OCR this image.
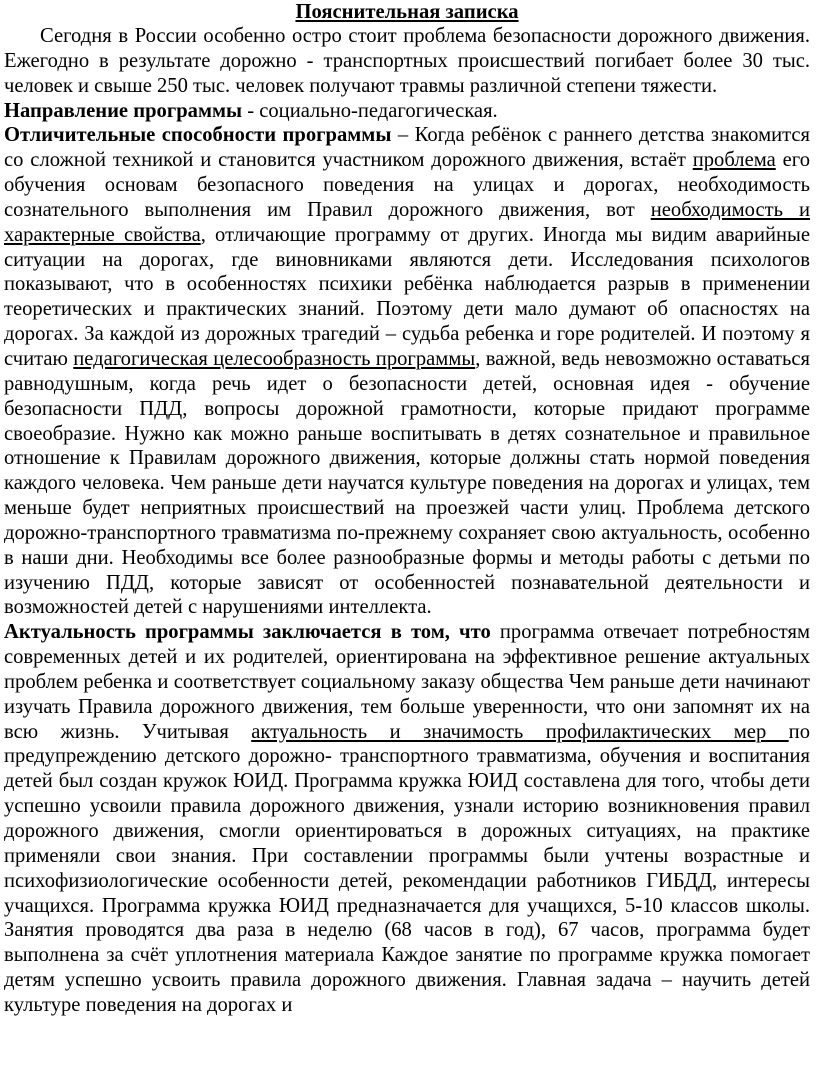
Пояснительная записка

Сегодня в России особенно остро стоит проблема безопасности дорожного движения. Ежегодно в результате дорожно - транспортных происшествий погибает более 30 тыс. человек и свыше 250 тыс. человек получают травмы различной степени тяжести.

Направление программы - социально-педагогическая.

Отличительные способности программы – Когда ребёнок с раннего детства знакомится со сложной техникой и становится участником дорожного движения, встаёт проблема его обучения основам безопасного поведения на улицах и дорогах, необходимость сознательного выполнения им Правил дорожного движения, вот необходимость и характерные свойства, отличающие программу от других. Иногда мы видим аварийные ситуации на дорогах, где виновниками являются дети. Исследования психологов показывают, что в особенностях психики ребёнка наблюдается разрыв в применении теоретических и практических знаний. Поэтому дети мало думают об опасностях на дорогах. За каждой из дорожных трагедий – судьба ребенка и горе родителей. И поэтому я считаю педагогическая целесообразность программы, важной, ведь невозможно оставаться равнодушным, когда речь идет о безопасности детей, основная идея - обучение безопасности ПДД, вопросы дорожной грамотности, которые придают программе своеобразие. Нужно как можно раньше воспитывать в детях сознательное и правильное отношение к Правилам дорожного движения, которые должны стать нормой поведения каждого человека. Чем раньше дети научатся культуре поведения на дорогах и улицах, тем меньше будет неприятных происшествий на проезжей части улиц. Проблема детского дорожно-транспортного травматизма по-прежнему сохраняет свою актуальность, особенно в наши дни. Необходимы все более разнообразные формы и методы работы с детьми по изучению ПДД, которые зависят от особенностей познавательной деятельности и возможностей детей с нарушениями интеллекта.

Актуальность программы заключается в том, что программа отвечает потребностям современных детей и их родителей, ориентирована на эффективное решение актуальных проблем ребенка и соответствует социальному заказу общества Чем раньше дети начинают изучать Правила дорожного движения, тем больше уверенности, что они запомнят их на всю жизнь. Учитывая актуальность и значимость профилактических мер по предупреждению детского дорожно- транспортного травматизма, обучения и воспитания детей был создан кружок ЮИД. Программа кружка ЮИД составлена для того, чтобы дети успешно усвоили правила дорожного движения, узнали историю возникновения правил дорожного движения, смогли ориентироваться в дорожных ситуациях, на практике применяли свои знания. При составлении программы были учтены возрастные и психофизиологические особенности детей, рекомендации работников ГИБДД, интересы учащихся. Программа кружка ЮИД предназначается для учащихся, 5-10 классов школы. Занятия проводятся два раза в неделю (68 часов в год), 67 часов, программа будет выполнена за счёт уплотнения материала Каждое занятие по программе кружка помогает детям успешно усвоить правила дорожного движения. Главная задача – научить детей культуре поведения на дорогах и
